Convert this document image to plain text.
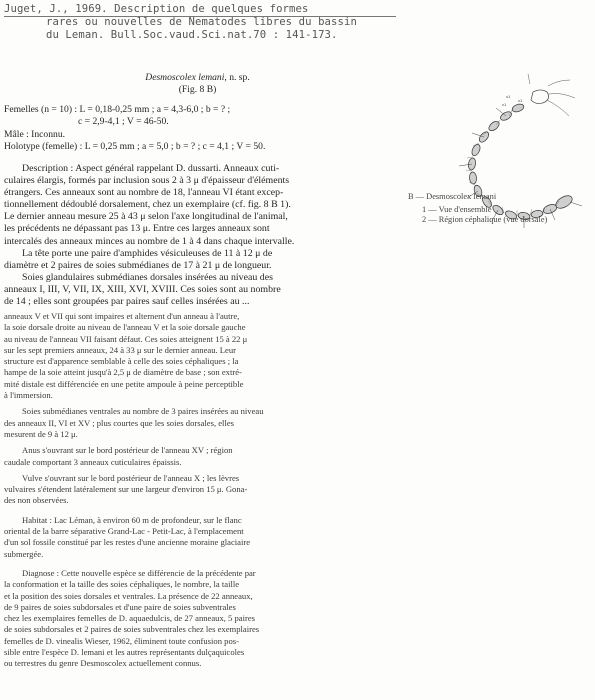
Juget, J., 1969. Description de quelques formes
rares ou nouvelles de Nematodes libres du bassin
du Leman. Bull.Soc.vaud.Sci.nat.70 : 141-173.
Desmoscolex lemani, n. sp.
(Fig. 8 B)
Femelles (n = 10) : L = 0,18-0,25 mm ; a = 4,3-6,0 ; b = ? ;
c = 2,9-4,1 ; V = 46-50.
Mâle : Inconnu.
Holotype (femelle) : L = 0,25 mm ; a = 5,0 ; b = ? ; c = 4,1 ; V = 50.
Description : Aspect général rappelant D. dussarti. Anneaux cuti-
culaires élargis, formés par inclusion sous 2 à 3 μ d'épaisseur d'éléments
étrangers. Ces anneaux sont au nombre de 18, l'anneau VI étant excep-
tionnellement dédoublé dorsalement, chez un exemplaire (cf. fig. 8 B 1).
Le dernier anneau mesure 25 à 43 μ selon l'axe longitudinal de l'animal,
les précédents ne dépassant pas 13 μ. Entre ces larges anneaux sont
intercalés des anneaux minces au nombre de 1 à 4 dans chaque intervalle.
La tête porte une paire d'amphides vésiculeuses de 11 à 12 μ de
diamètre et 2 paires de soies submédianes de 17 à 21 μ de longueur.
Soies glandulaires submédianes dorsales insérées au niveau des
anneaux I, III, V, VII, IX, XIII, XVI, XVIII. Ces soies sont au nombre
de 14 ; elles sont groupées par paires sauf celles insérées au ...
anneaux V et VII qui sont impaires et alternent d'un anneau à l'autre,
la soie dorsale droite au niveau de l'anneau V et la soie dorsale gauche
au niveau de l'anneau VII faisant défaut. Ces soies atteignent 15 à 22 μ
sur les sept premiers anneaux, 24 à 33 μ sur le dernier anneau. Leur
structure est d'apparence semblable à celle des soies céphaliques ; la
hampe de la soie atteint jusqu'à 2,5 μ de diamètre de base ; son extré-
mité distale est différenciée en une petite ampoule à peine perceptible
à l'immersion.
Soies submédianes ventrales au nombre de 3 paires insérées au niveau
des anneaux II, VI et XV ; plus courtes que les soies dorsales, elles
mesurent de 9 à 12 μ.
Anus s'ouvrant sur le bord postérieur de l'anneau XV ; région
caudale comportant 3 anneaux cuticulaires épaissis.
Vulve s'ouvrant sur le bord postérieur de l'anneau X ; les lèvres
vulvaires s'étendent latéralement sur une largeur d'environ 15 μ. Gona-
des non observées.
Habitat : Lac Léman, à environ 60 m de profondeur, sur le flanc
oriental de la barre séparative Grand-Lac - Petit-Lac, à l'emplacement
d'un sol fossile constitué par les restes d'une ancienne moraine glaciaire
submergée.
Diagnose : Cette nouvelle espèce se différencie de la précédente par
la conformation et la taille des soies céphaliques, le nombre, la taille
et la position des soies dorsales et ventrales. La présence de 22 anneaux,
de 9 paires de soies subdorsales et d'une paire de soies subventrales
chez les exemplaires femelles de D. aquaedulcis, de 27 anneaux, 5 paires
de soies subdorsales et 2 paires de soies subventrales chez les exemplaires
femelles de D. vinealis Wieser, 1962, éliminent toute confusion pos-
sible entre l'espèce D. lemani et les autres représentants dulçaquicoles
ou terrestres du genre Desmoscolex actuellement connus.
x1
x1
x1
B — Desmoscolex lemani
1 — Vue d'ensemble
2 — Région céphalique (vue dorsale)
